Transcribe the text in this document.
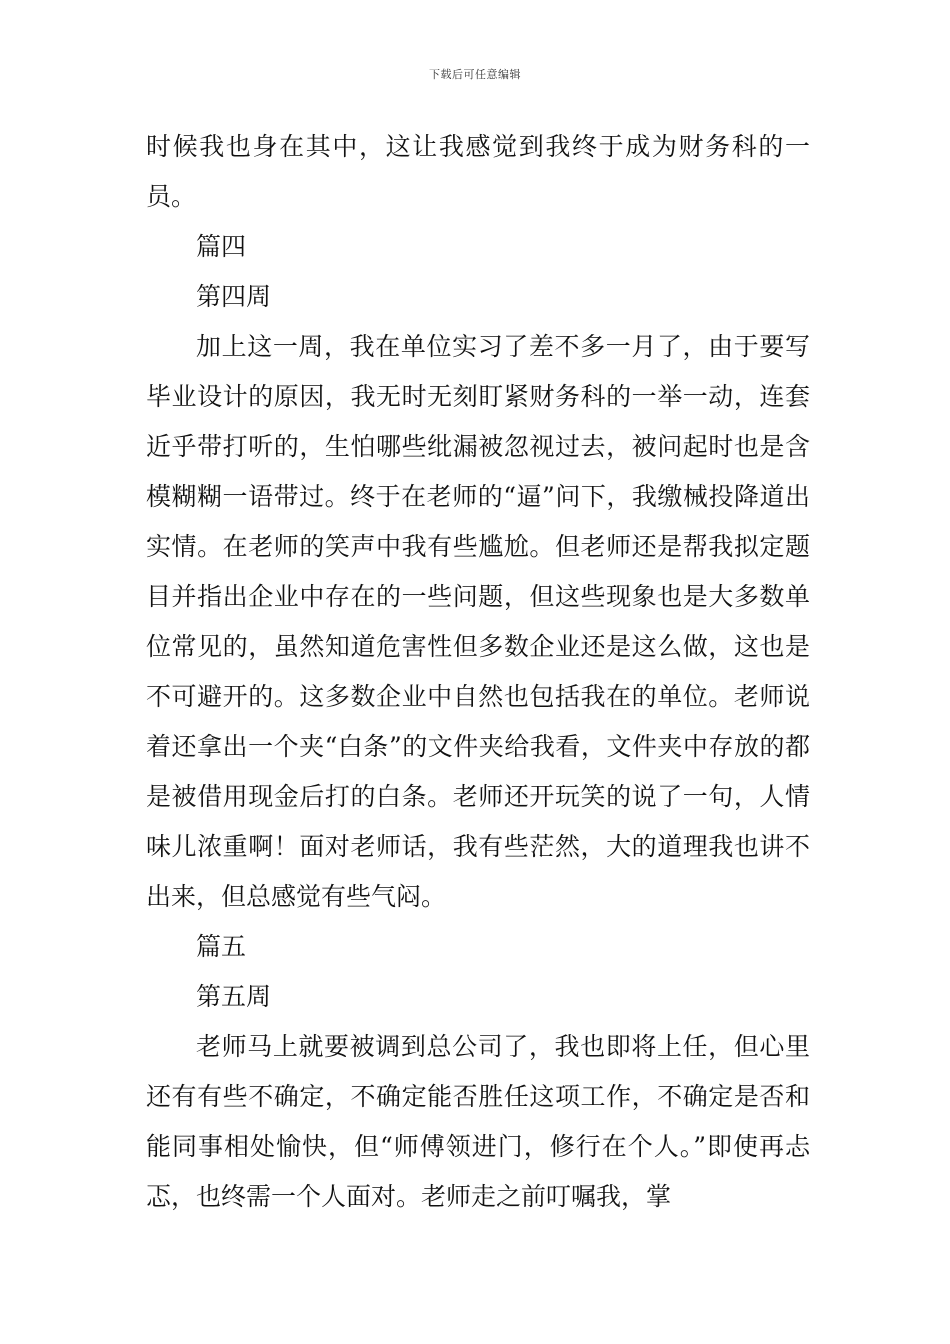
下载后可任意编辑

时候我也身在其中，这让我感觉到我终于成为财务科的一员。

篇四

第四周

加上这一周，我在单位实习了差不多一月了，由于要写毕业设计的原因，我无时无刻盯紧财务科的一举一动，连套近乎带打听的，生怕哪些纰漏被忽视过去，被问起时也是含模糊糊一语带过。终于在老师的“逼”问下，我缴械投降道出实情。在老师的笑声中我有些尴尬。但老师还是帮我拟定题目并指出企业中存在的一些问题，但这些现象也是大多数单位常见的，虽然知道危害性但多数企业还是这么做，这也是不可避开的。这多数企业中自然也包括我在的单位。老师说着还拿出一个夹“白条”的文件夹给我看，文件夹中存放的都是被借用现金后打的白条。老师还开玩笑的说了一句，人情味儿浓重啊！面对老师话，我有些茫然，大的道理我也讲不出来，但总感觉有些气闷。

篇五

第五周

老师马上就要被调到总公司了，我也即将上任，但心里还有有些不确定，不确定能否胜任这项工作，不确定是否和能同事相处愉快，但“师傅领进门，修行在个人。”即使再忐忑，也终需一个人面对。老师走之前叮嘱我，掌
